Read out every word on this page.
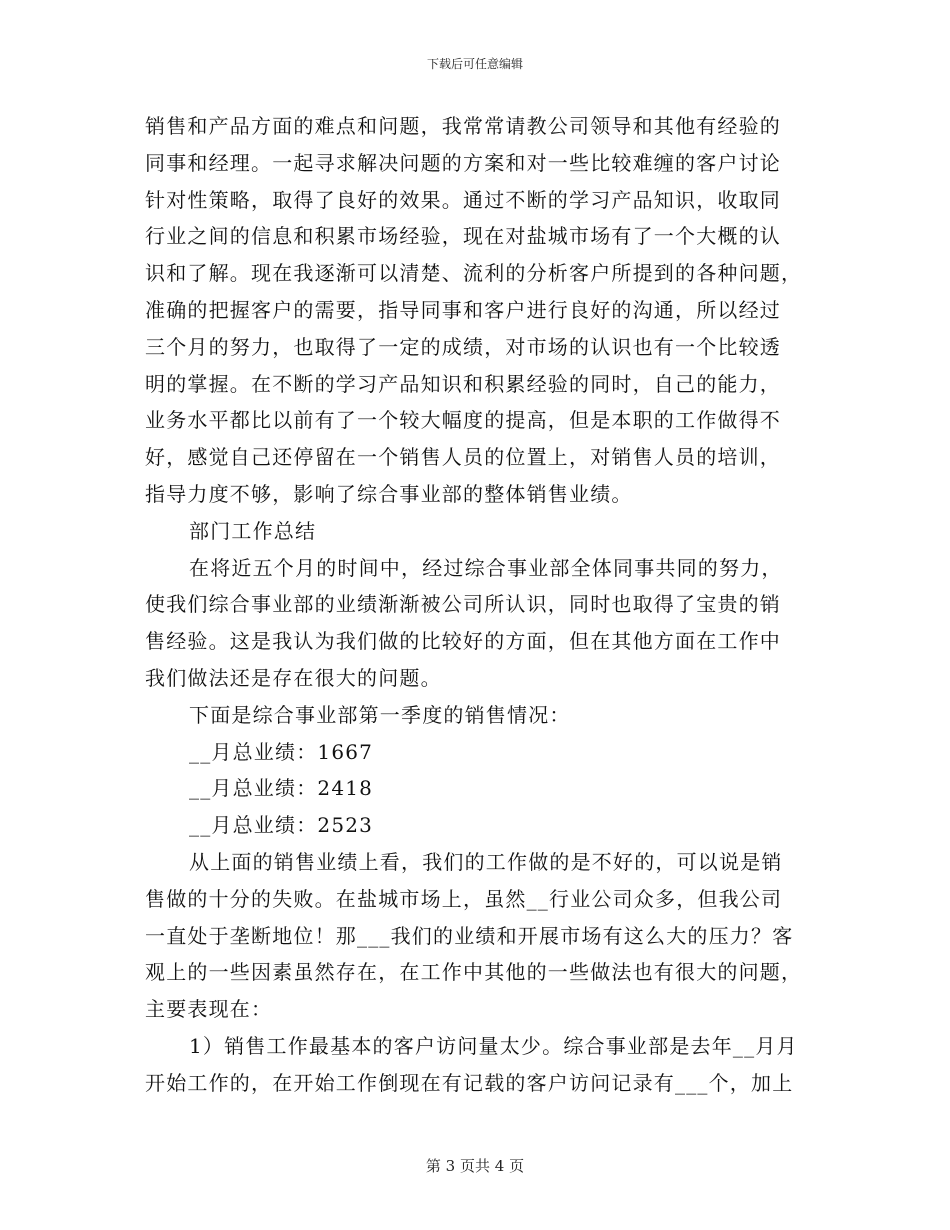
下载后可任意编辑

销售和产品方面的难点和问题，我常常请教公司领导和其他有经验的

同事和经理。一起寻求解决问题的方案和对一些比较难缠的客户讨论

针对性策略，取得了良好的效果。通过不断的学习产品知识，收取同

行业之间的信息和积累市场经验，现在对盐城市场有了一个大概的认

识和了解。现在我逐渐可以清楚、流利的分析客户所提到的各种问题，

准确的把握客户的需要，指导同事和客户进行良好的沟通，所以经过

三个月的努力，也取得了一定的成绩，对市场的认识也有一个比较透

明的掌握。在不断的学习产品知识和积累经验的同时，自己的能力，

业务水平都比以前有了一个较大幅度的提高，但是本职的工作做得不

好，感觉自己还停留在一个销售人员的位置上，对销售人员的培训，

指导力度不够，影响了综合事业部的整体销售业绩。

部门工作总结

在将近五个月的时间中，经过综合事业部全体同事共同的努力，

使我们综合事业部的业绩渐渐被公司所认识，同时也取得了宝贵的销

售经验。这是我认为我们做的比较好的方面，但在其他方面在工作中

我们做法还是存在很大的问题。

下面是综合事业部第一季度的销售情况：

__月总业绩：1667

__月总业绩：2418

__月总业绩：2523

从上面的销售业绩上看，我们的工作做的是不好的，可以说是销

售做的十分的失败。在盐城市场上，虽然__行业公司众多，但我公司

一直处于垄断地位！那___我们的业绩和开展市场有这么大的压力？客

观上的一些因素虽然存在，在工作中其他的一些做法也有很大的问题，

主要表现在：

1）销售工作最基本的客户访问量太少。综合事业部是去年__月月

开始工作的，在开始工作倒现在有记载的客户访问记录有___个，加上

第 3 页共 4 页
